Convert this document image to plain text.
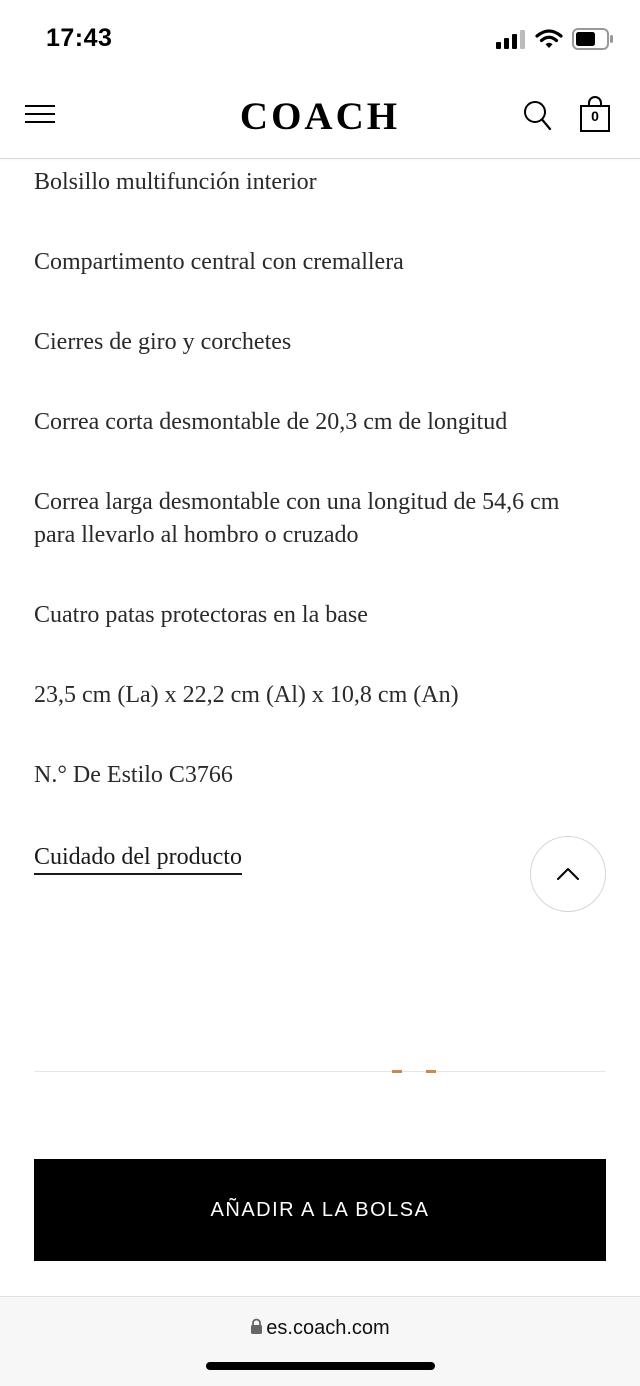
17:43
COACH	0
Bolsillo multifunción interior
Compartimento central con cremallera
Cierres de giro y corchetes
Correa corta desmontable de 20,3 cm de longitud
Correa larga desmontable con una longitud de 54,6 cm para llevarlo al hombro o cruzado
Cuatro patas protectoras en la base
23,5 cm (La) x 22,2 cm (Al) x 10,8 cm (An)
N.° De Estilo C3766
Cuidado del producto
AÑADIR A LA BOLSA
es.coach.com
